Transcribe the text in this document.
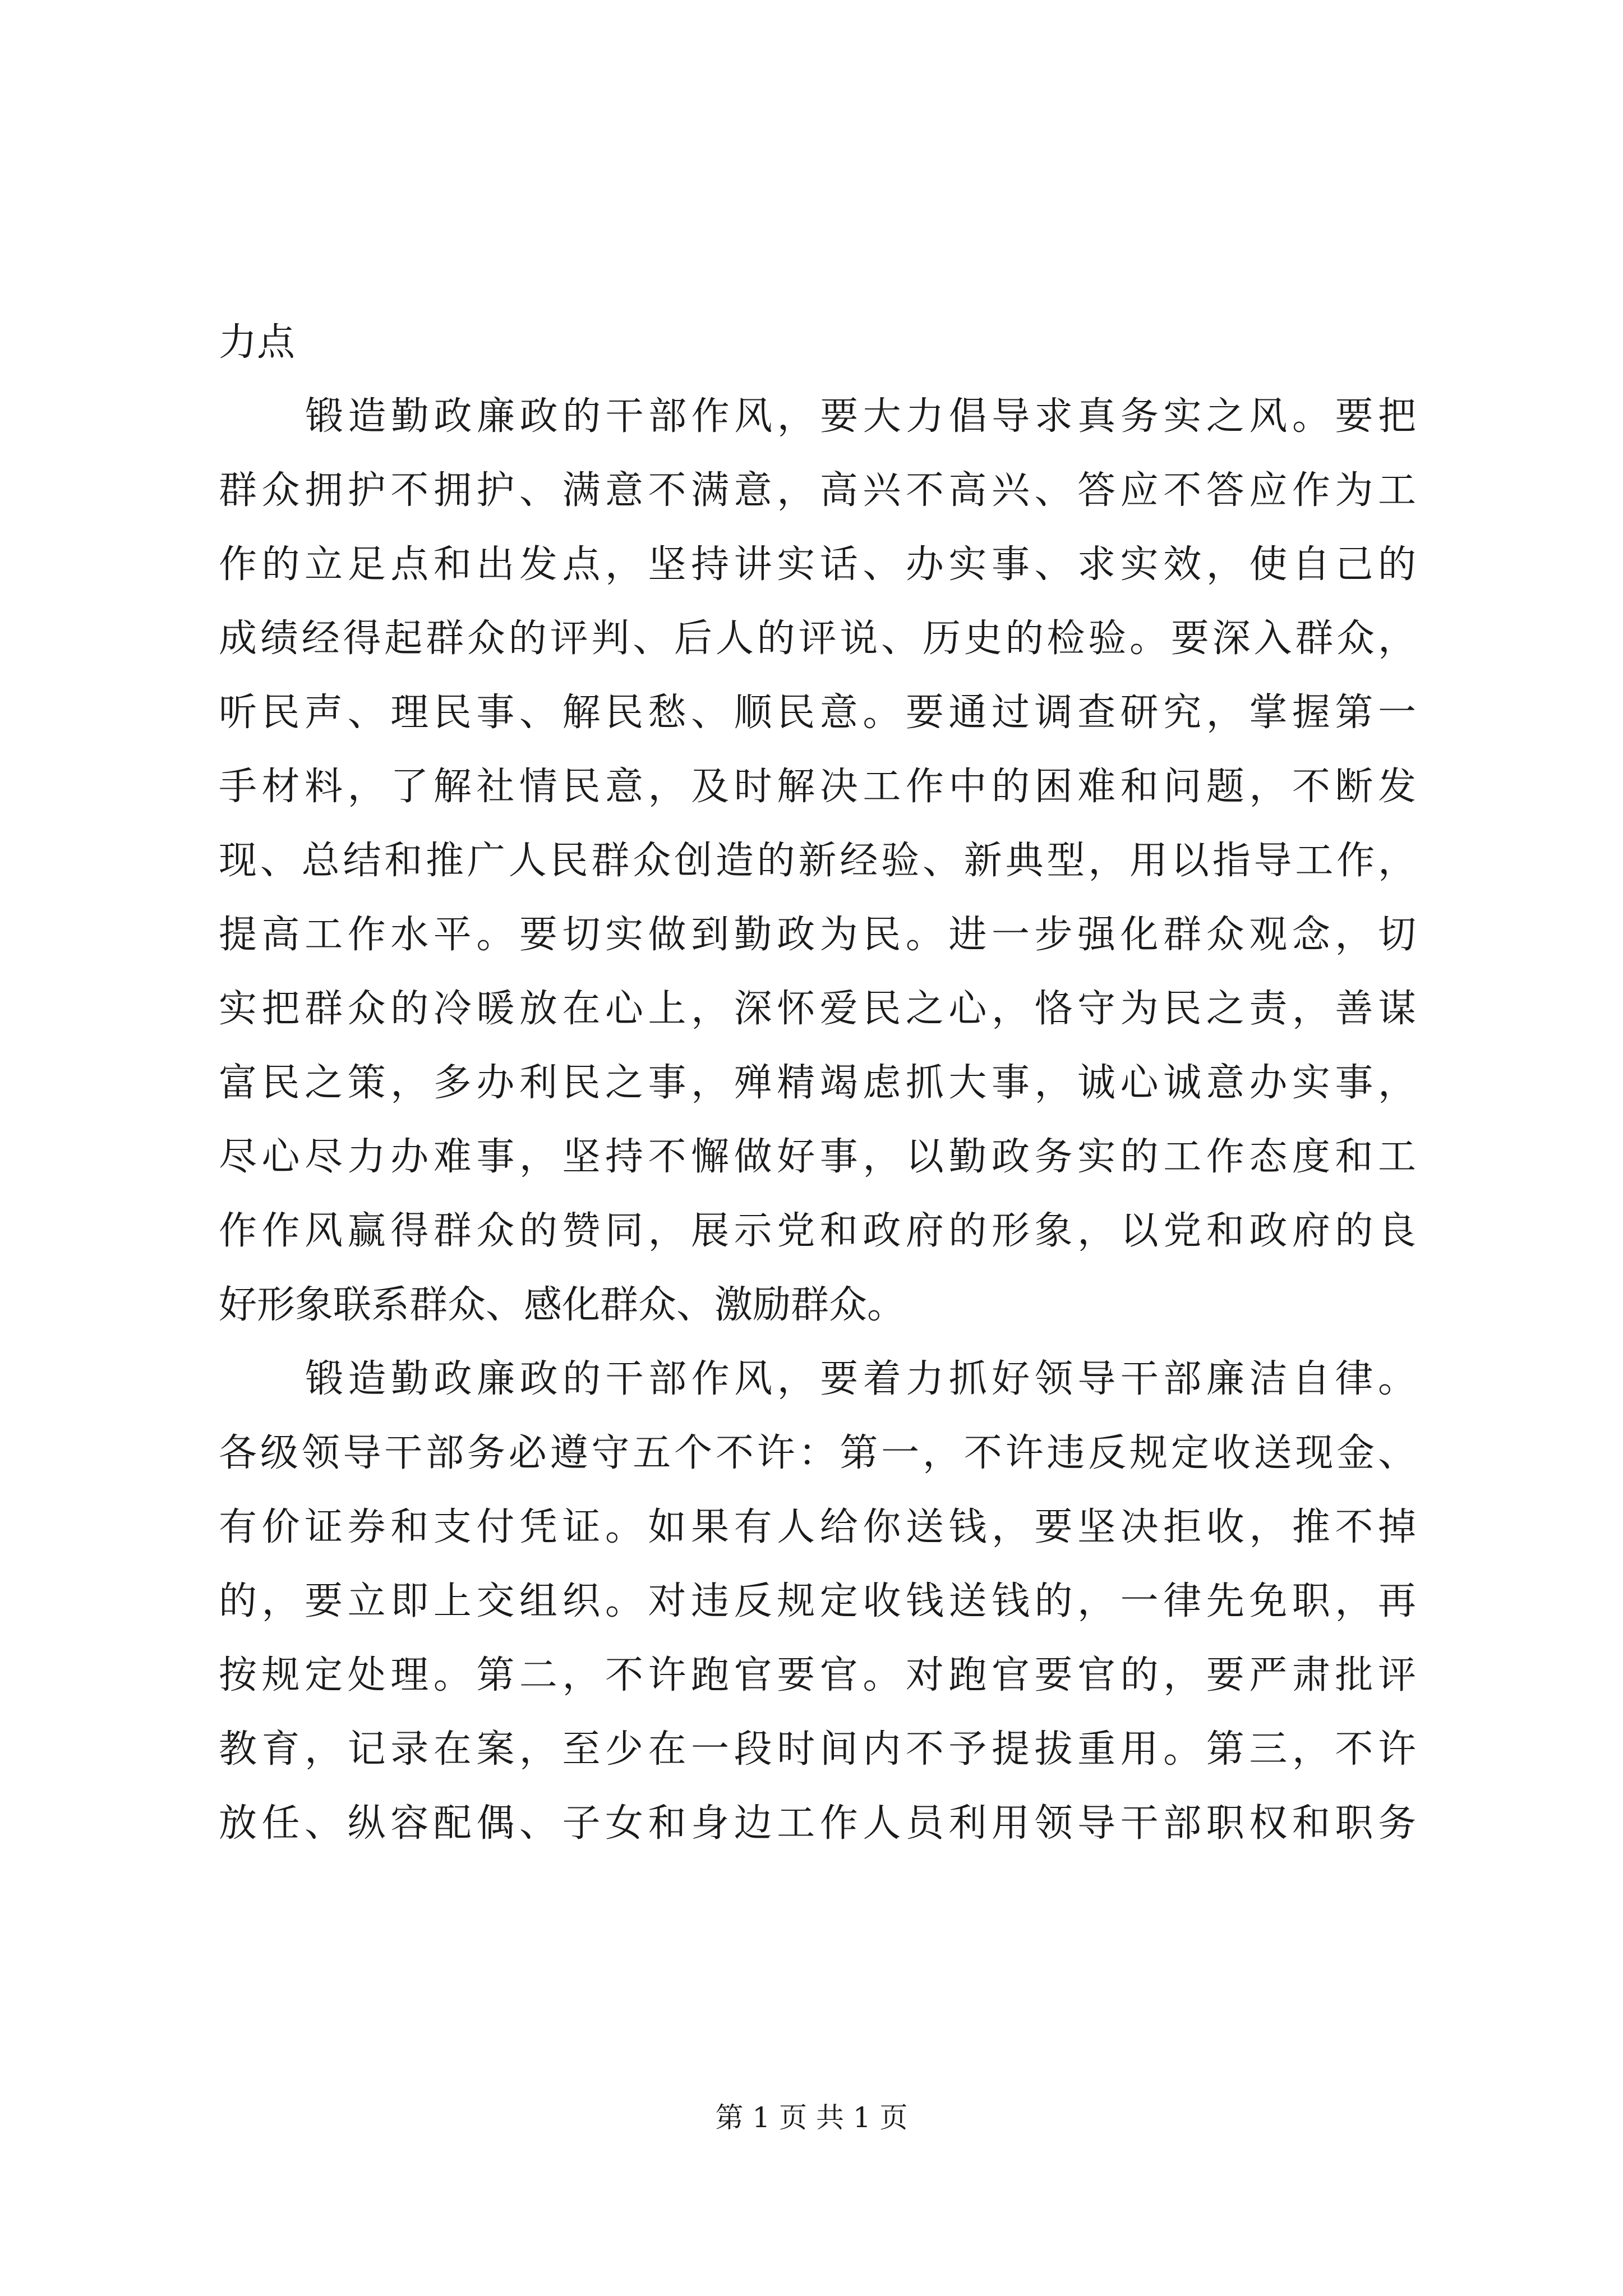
力点
锻造勤政廉政的干部作风，要大力倡导求真务实之风。要把
群众拥护不拥护、满意不满意，高兴不高兴、答应不答应作为工
作的立足点和出发点，坚持讲实话、办实事、求实效，使自己的
成绩经得起群众的评判、后人的评说、历史的检验。要深入群众，
听民声、理民事、解民愁、顺民意。要通过调查研究，掌握第一
手材料，了解社情民意，及时解决工作中的困难和问题，不断发
现、总结和推广人民群众创造的新经验、新典型，用以指导工作，
提高工作水平。要切实做到勤政为民。进一步强化群众观念，切
实把群众的冷暖放在心上，深怀爱民之心，恪守为民之责，善谋
富民之策，多办利民之事，殚精竭虑抓大事，诚心诚意办实事，
尽心尽力办难事，坚持不懈做好事，以勤政务实的工作态度和工
作作风赢得群众的赞同，展示党和政府的形象，以党和政府的良
好形象联系群众、感化群众、激励群众。
锻造勤政廉政的干部作风，要着力抓好领导干部廉洁自律。
各级领导干部务必遵守五个不许：第一，不许违反规定收送现金、
有价证券和支付凭证。如果有人给你送钱，要坚决拒收，推不掉
的，要立即上交组织。对违反规定收钱送钱的，一律先免职，再
按规定处理。第二，不许跑官要官。对跑官要官的，要严肃批评
教育，记录在案，至少在一段时间内不予提拔重用。第三，不许
放任、纵容配偶、子女和身边工作人员利用领导干部职权和职务
第 1 页 共 1 页
